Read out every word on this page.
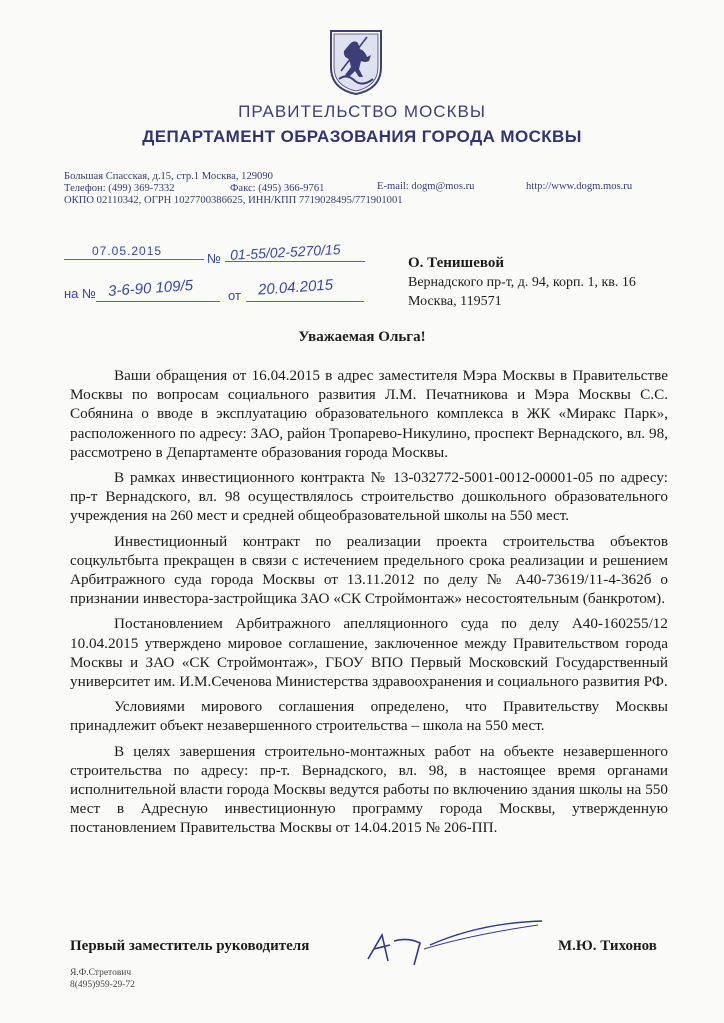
ПРАВИТЕЛЬСТВО МОСКВЫ
ДЕПАРТАМЕНТ ОБРАЗОВАНИЯ ГОРОДА МОСКВЫ
Большая Спасская, д.15, стр.1 Москва, 129090
Телефон: (499) 369-7332	Факс: (495) 366-9761
ОКПО 02110342, ОГРН 1027700386625, ИНН/КПП 7719028495/771901001
E-mail: dogm@mos.ru	http://www.dogm.mos.ru
07.05.2015	№ 01-55/02-5270/15
на № 3-6-90 109/5	от 20.04.2015
О. Тенишевой
Вернадского пр-т, д. 94, корп. 1, кв. 16
Москва, 119571
Уважаемая Ольга!

Ваши обращения от 16.04.2015 в адрес заместителя Мэра Москвы в Правительстве Москвы по вопросам социального развития Л.М. Печатникова и Мэра Москвы С.С. Собянина о вводе в эксплуатацию образовательного комплекса в ЖК «Миракс Парк», расположенного по адресу: ЗАО, район Тропарево-Никулино, проспект Вернадского, вл. 98, рассмотрено в Департаменте образования города Москвы.

В рамках инвестиционного контракта № 13-032772-5001-0012-00001-05 по адресу: пр-т Вернадского, вл. 98 осуществлялось строительство дошкольного образовательного учреждения на 260 мест и средней общеобразовательной школы на 550 мест.

Инвестиционный контракт по реализации проекта строительства объектов соцкультбыта прекращен в связи с истечением предельного срока реализации и решением Арбитражного суда города Москвы от 13.11.2012 по делу № А40-73619/11-4-362б о признании инвестора-застройщика ЗАО «СК Строймонтаж» несостоятельным (банкротом).

Постановлением Арбитражного апелляционного суда по делу А40-160255/12 10.04.2015 утверждено мировое соглашение, заключенное между Правительством города Москвы и ЗАО «СК Строймонтаж», ГБОУ ВПО Первый Московский Государственный университет им. И.М.Сеченова Министерства здравоохранения и социального развития РФ.

Условиями мирового соглашения определено, что Правительству Москвы принадлежит объект незавершенного строительства – школа на 550 мест.

В целях завершения строительно-монтажных работ на объекте незавершенного строительства по адресу: пр-т. Вернадского, вл. 98, в настоящее время органами исполнительной власти города Москвы ведутся работы по включению здания школы на 550 мест в Адресную инвестиционную программу города Москвы, утвержденную постановлением Правительства Москвы от 14.04.2015 № 206-ПП.

Первый заместитель руководителя	М.Ю. Тихонов
Я.Ф.Стретович
8(495)959-29-72
